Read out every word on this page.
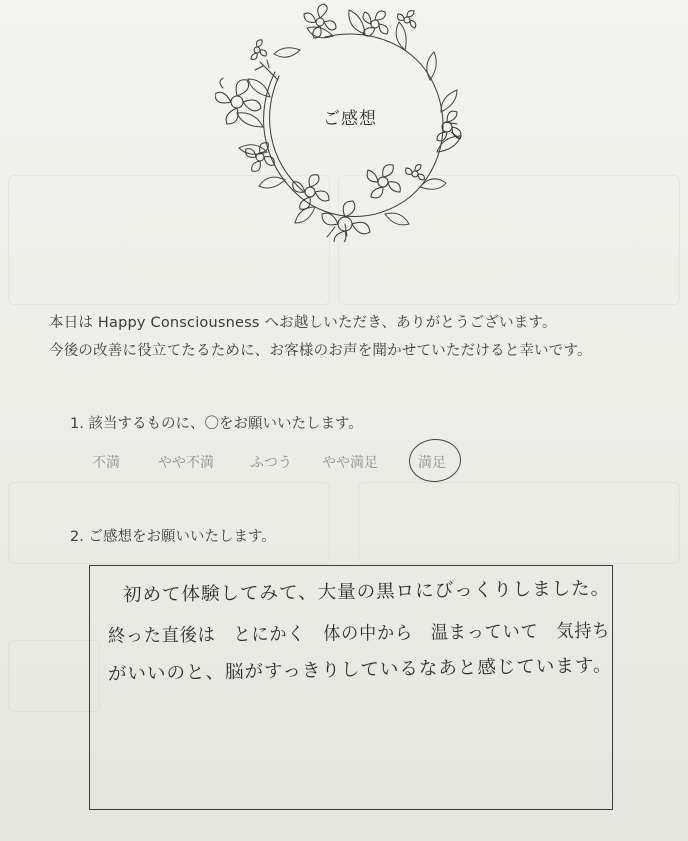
ご感想
本日は Happy Consciousness へお越しいただき、ありがとうございます。
今後の改善に役立てたるために、お客様のお声を聞かせていただけると幸いです。
1. 該当するものに、〇をお願いいたします。
不満	やや不満	ふつう やや満足	満足
2. ご感想をお願いいたします。
初めて体験してみて、大量の黒ロにびっくりしました。
終った直後は　とにかく　体の中から　温まっていて　気持ち
がいいのと、脳がすっきりしているなあと感じています。
